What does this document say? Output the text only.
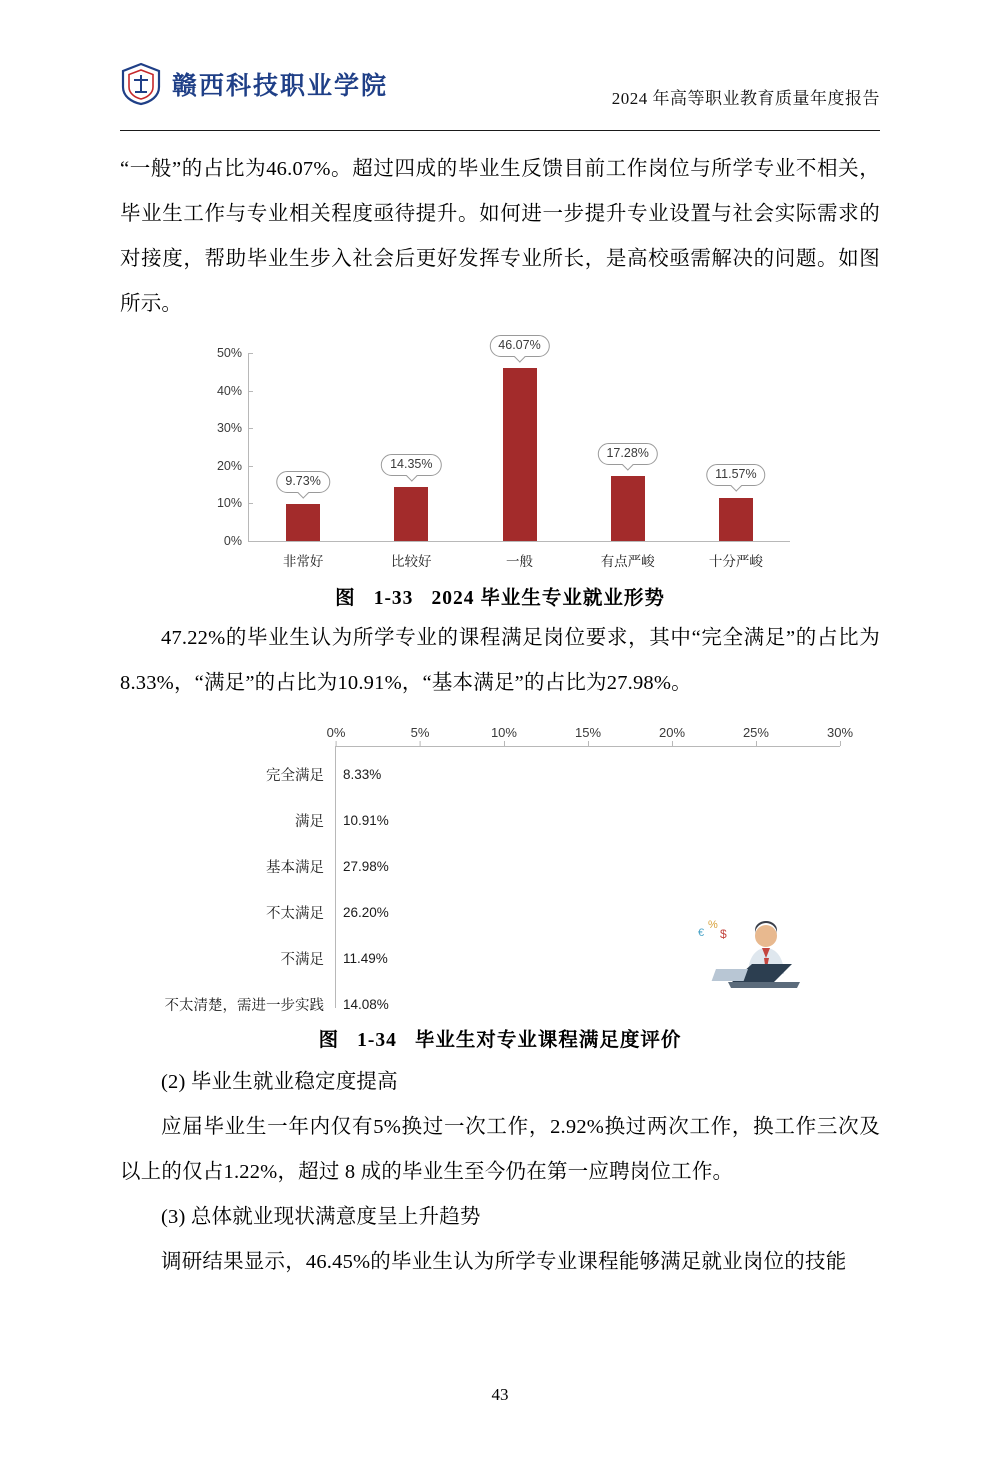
赣西科技职业学院	2024 年高等职业教育质量年度报告

“一般”的占比为46.07%。超过四成的毕业生反馈目前工作岗位与所学专业不相关，毕业生工作与专业相关程度亟待提升。如何进一步提升专业设置与社会实际需求的对接度，帮助毕业生步入社会后更好发挥专业所长，是高校亟需解决的问题。如图所示。

0%
10%
20%
30%
40%
50%
9.73%
14.35%
46.07%
17.28%
11.57%
非常好	比较好	一般	有点严峻	十分严峻
图 1-33 2024 毕业生专业就业形势

47.22%的毕业生认为所学专业的课程满足岗位要求，其中“完全满足”的占比为8.33%，“满足”的占比为10.91%，“基本满足”的占比为27.98%。

0%	5%	10%	15%	20%	25%	30%
完全满足 8.33%
满足 10.91%
基本满足 27.98%
不太满足 26.20%
不满足 11.49%
不太清楚，需进一步实践 14.08%
€
%
$
图 1-34 毕业生对专业课程满足度评价

(2) 毕业生就业稳定度提高

应届毕业生一年内仅有5%换过一次工作，2.92%换过两次工作，换工作三次及以上的仅占1.22%，超过 8 成的毕业生至今仍在第一应聘岗位工作。

(3) 总体就业现状满意度呈上升趋势

调研结果显示，46.45%的毕业生认为所学专业课程能够满足就业岗位的技能

43
